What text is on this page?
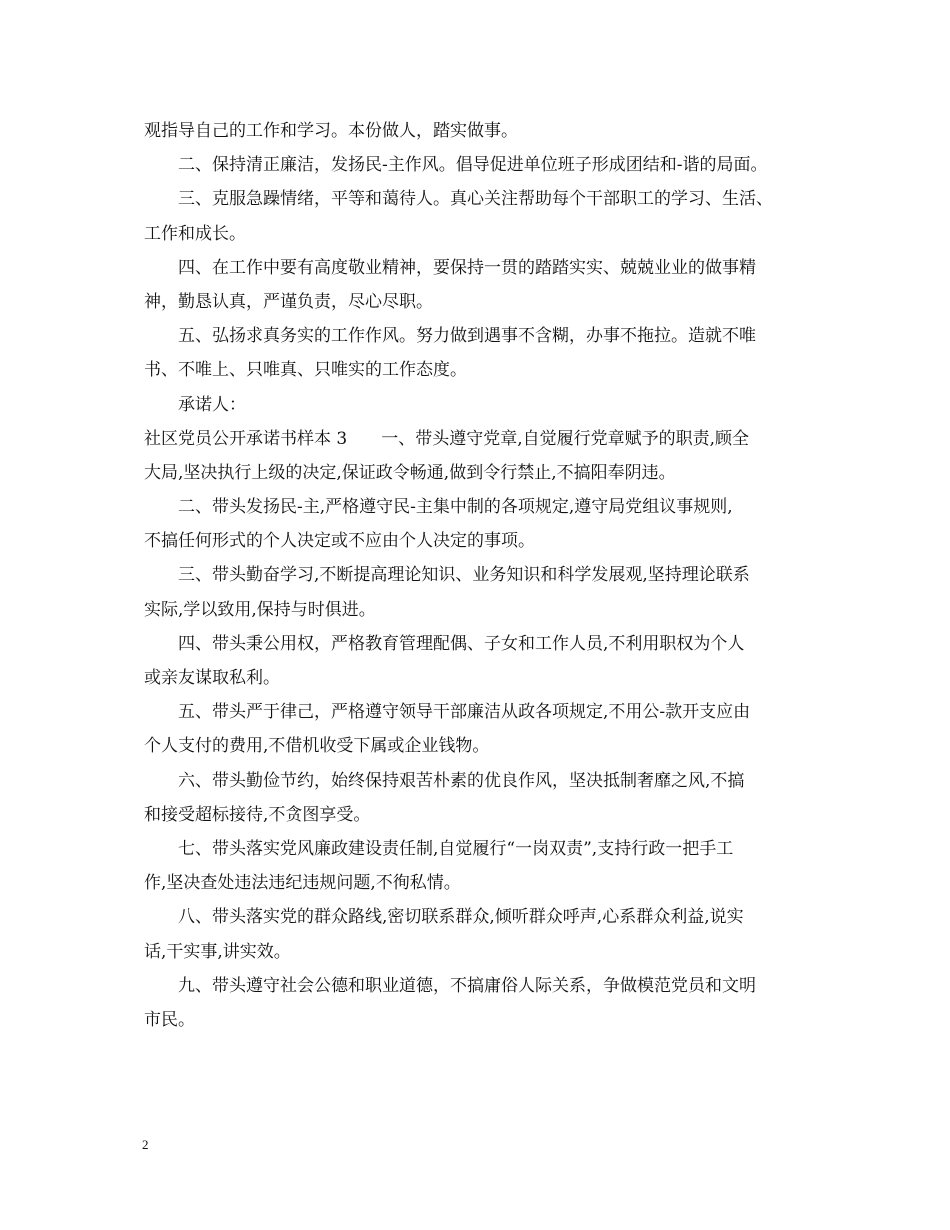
观指导自己的工作和学习。本份做人，踏实做事。
二、保持清正廉洁，发扬民-主作风。倡导促进单位班子形成团结和-谐的局面。
三、克服急躁情绪，平等和蔼待人。真心关注帮助每个干部职工的学习、生活、
工作和成长。
四、在工作中要有高度敬业精神，要保持一贯的踏踏实实、兢兢业业的做事精
神，勤恳认真，严谨负责，尽心尽职。
五、弘扬求真务实的工作作风。努力做到遇事不含糊，办事不拖拉。造就不唯
书、不唯上、只唯真、只唯实的工作态度。
承诺人：
社区党员公开承诺书样本 3 一、带头遵守党章,自觉履行党章赋予的职责,顾全
大局,坚决执行上级的决定,保证政令畅通,做到令行禁止,不搞阳奉阴违。
二、带头发扬民-主,严格遵守民-主集中制的各项规定,遵守局党组议事规则,
不搞任何形式的个人决定或不应由个人决定的事项。
三、带头勤奋学习,不断提高理论知识、业务知识和科学发展观,坚持理论联系
实际,学以致用,保持与时俱进。
四、带头秉公用权，严格教育管理配偶、子女和工作人员,不利用职权为个人
或亲友谋取私利。
五、带头严于律己，严格遵守领导干部廉洁从政各项规定,不用公-款开支应由
个人支付的费用,不借机收受下属或企业钱物。
六、带头勤俭节约，始终保持艰苦朴素的优良作风，坚决抵制奢靡之风,不搞
和接受超标接待,不贪图享受。
七、带头落实党风廉政建设责任制,自觉履行“一岗双责”,支持行政一把手工
作,坚决查处违法违纪违规问题,不徇私情。
八、带头落实党的群众路线,密切联系群众,倾听群众呼声,心系群众利益,说实
话,干实事,讲实效。
九、带头遵守社会公德和职业道德，不搞庸俗人际关系，争做模范党员和文明
市民。
2
